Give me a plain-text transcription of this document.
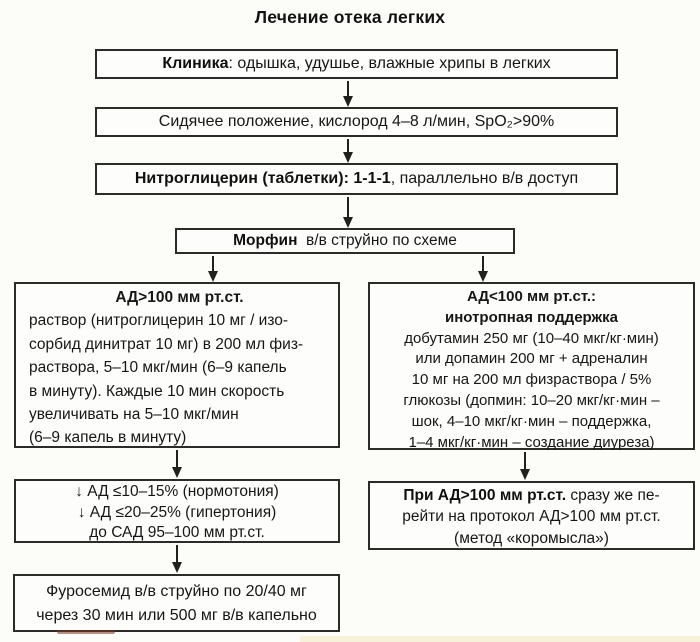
Лечение отека легких
Клиника: одышка, удушье, влажные хрипы в легких
Сидячее положение, кислород 4–8 л/мин, SpO₂>90%
Нитроглицерин (таблетки): 1-1-1, параллельно в/в доступ
Морфин  в/в струйно по схеме
АД>100 мм рт.ст.
раствор (нитроглицерин 10 мг / изо-
сорбид динитрат 10 мг) в 200 мл физ-
раствора, 5–10 мкг/мин (6–9 капель
в минуту). Каждые 10 мин скорость
увеличивать на 5–10 мкг/мин
(6–9 капель в минуту)
АД<100 мм рт.ст.:
инотропная поддержка
добутамин 250 мг (10–40 мкг/кг·мин)
или допамин 200 мг + адреналин
10 мг на 200 мл физраствора / 5%
глюкозы (допмин: 10–20 мкг/кг·мин –
шок, 4–10 мкг/кг·мин – поддержка,
1–4 мкг/кг·мин – создание диуреза)
↓ АД ≤10–15% (нормотония)
↓ АД ≤20–25% (гипертония)
до САД 95–100 мм рт.ст.
При АД>100 мм рт.ст. сразу же пе-
рейти на протокол АД>100 мм рт.ст.
(метод «коромысла»)
Фуросемид в/в струйно по 20/40 мг
через 30 мин или 500 мг в/в капельно
